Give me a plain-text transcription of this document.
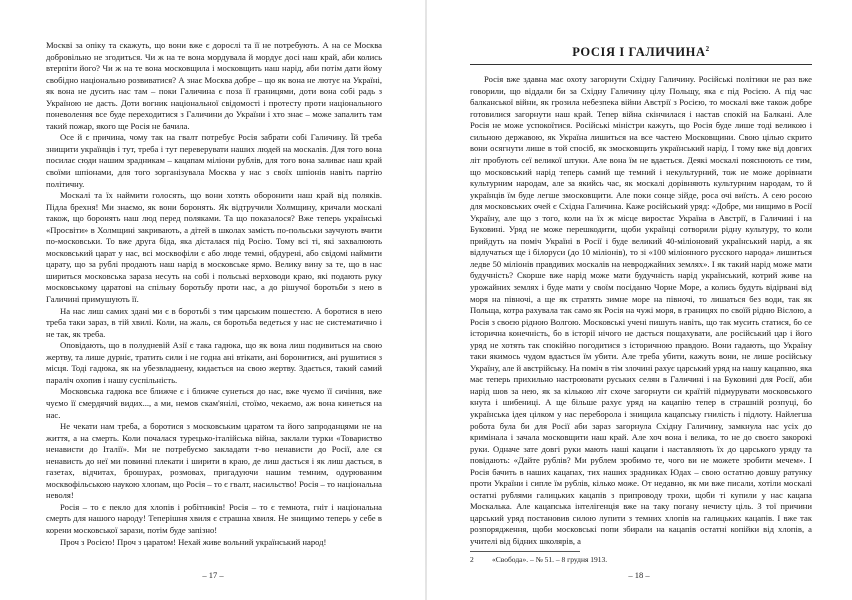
Москві за опіку та скажуть, що вони вже є дорослі та її не потребують. А на се Москва добровільно не згодиться. Чи ж на те вона мордувала й мордує досі наш край, аби колись втерпіти його? Чи ж на те вона московщила і московщить наш нарід, аби потім дати йому свобідно національно розвиватися? А знає Москва добре – що як вона не лютує на Україні, як вона не дусить нас там – поки Галичина є поза її границями, доти вона собі радь з Україною не дасть. Доти вогник національної свідомості і протесту проти національного поневолення все буде переходитися з Галичини до України і хто знає – може запалить там такий пожар, якого ще Росія не бачила.

Осе й є причина, чому так на гвалт потребує Росія забрати собі Галичину. Їй треба знищити українців і тут, треба і тут переверувати наших людей на москалів. Для того вона посилає сюди нашим зрадникам – кацапам міліони рублів, для того вона заливає наш край своїми шпіонами, для того зорганізувала Москва у нас з своїх шпіонів навіть партію політичну.

Москалі та їх наймити голосять, що вони хотять оборонити наш край від поляків. Підла брехня! Ми знаємо, як вони боронять. Як відтручили Холмщину, кричали москалі також, що боронять наш люд перед поляками. Та що показалося? Вже теперь українські «Просвіти» в Холмщині закривають, а дітей в школах замість по-польськи заучують вчити по-московськи. То вже друга біда, яка дісталася під Росію. Тому всі ті, які захвалюють московський царат у нас, всі москвофіли є або люде темні, обдурені, або свідомі наймити царату, що за рублі продають наш нарід в московське ярмо. Велику вину за те, що в нас шириться московська зараза несуть на собі і польські верховоди краю, які подають руку московському царатові на спільну боротьбу проти нас, а до рішучої боротьби з нею в Галичині примушують її.

На нас лиш самих здані ми є в боротьбі з тим царським пошестєю. А боротися в нею треба таки зараз, в тій хвилі. Коли, на жаль, ся боротьба ведеться у нас не систематично і не так, як треба.

Оповідають, що в полудневій Азії є така гадюка, що як вона лиш подивиться на свою жертву, та лише дурніє, тратить сили і не годна ані втікати, ані боронитися, ані рушитися з місця. Тоді гадюка, як на убезвладнену, кидається на свою жертву. Здається, такий самий параліч охопив і нашу суспільність.

Московська гадюка все ближче є і ближче сунеться до нас, вже чуємо її сичіння, вже чуємо її смердячий видих..., а ми, немов скам'янілі, стоїмо, чекаємо, аж вона кинеться на нас.

Не чекати нам треба, а боротися з московським царатом та його запроданцями не на життя, а на смерть. Коли почалася турецько-італійська війна, заклали турки «Товариство ненависти до Італії». Ми не потребуємо закладати т-во ненависти до Росії, але ся ненависть до неї ми повинні плекати і ширити в краю, де лиш дасться і як лиш дасться, в газетах, відчитах, брошурах, розмовах, пригадуючи нашим темним, одурюваним москвофільською наукою хлопам, що Росія – то є гвалт, насильство! Росія – то національна неволя!

Росія – то є пекло для хлопів і робітників! Росія – то є темнота, гніт і національна смерть для нашого народу! Теперішня хвиля є страшна хвиля. Не знищимо теперь у себе в корени московської зарази, потім буде запізно!

Проч з Росією! Проч з царатом! Нехай живе вольний український народ!

– 17 –
РОСІЯ І ГАЛИЧИНА$^2$

Росія вже здавна має охоту загорнути Східну Галичину. Російські політики не раз вже говорили, що віддали би за Східну Галичину цілу Польщу, яка є під Росією. А під час балканської війни, як грозила небезпека війни Австрії з Росією, то москалі вже також добре готовилися загорнути наш край. Тепер війна скінчилася і настав спокій на Балкані. Але Росія не може успокоїтися. Російські міністри кажуть, що Росія буде лише тоді великою і сильною державою, як Україна лишиться на все частею Московщини. Свою цілью скрито вони осягнути лише в той спосіб, як змосковщить український нарід. І тому вже від довгих літ пробують сеї великої штуки. Але вона їм не вдається. Деякі москалі пояснюють се тим, що московський нарід теперь самий ще темний і некультурний, тож не може дорівнати культурним народам, але за якийсь час, як москалі дорівняють культурним народам, то й українців їм буде легше змосковщити. Але поки сонце зійде, роса очі виїсть. А сею росою для московських очей є Східна Галичина. Каже російський уряд: «Добре, ми нищимо в Росії Україну, але що з того, коли на їх ж місце виростає Україна в Австрії, в Галичині і на Буковині. Уряд не може перешкодити, щоби українці сотворили рідну культуру, то коли прийдуть на поміч Україні в Росії і буде великий 40-міліоновий український нарід, а як відлучаться ще і білоруси (до 10 міліонів), то зі «100 міліонного русского народа» лишиться ледве 50 міліонів правдивих москалів на невроджайних землях». І як такий нарід може мати будучність? Скорше вже нарід може мати будучність нарід український, котрий живе на урожайних землях і буде мати у своїм посіданю Чорне Море, а колись будуть відірвані від моря на півночі, а ще як стратять зимне море на півночі, то лишаться без води, так як Польща, котра рахувала так само як Росія на чужі моря, в границях по своїй рідню Віслою, а Росія з своєю рідною Волгою. Московські учені пишуть навіть, що так мусить статися, бо се історична конечність, бо в історії нічого не дасться пощахувати, але російський цар і його уряд не хотять так спокійно погодитися з історичною правдою. Вони гадають, що Україну таки якимось чудом вдасться їм убити. Але треба убити, кажуть вони, не лише російську Україну, але й австрійську. На поміч в тім злочині рахує царський уряд на нашу кацапню, яка має теперь прихильно настроювати руських селян в Галичині і на Буковині для Росії, аби нарід шов за нею, як за кількою літ схоче загорнути си країтій підмурувати московського кнута і шибениці. А ще більше рахує уряд на кацапію тепер в страшній розпуці, бо українська ідея цілком у нас переборола і знищила кацапську гнилість і підлоту. Найлегша робота була би для Росії аби зараз загорнула Східну Галичину, замкнула нас усіх до кримінала і зачала московщити наш край. Але хоч вона і велика, то не до своєго закорокі руки. Одначе зате довгі руки мають наші кацапи і наставляють їх до царського уряду та повідають: «Дайте рублів? Ми рублем зробимо те, чого ви не можете зробити мечем». І Росія бачить в наших кацапах, тих наших зрадниках Юдах – свою остатню довшу ратунку проти України і сипле їм рублів, кілько може. От недавно, як ми вже писали, хотіли москалі остатні рублями галицьких кацапів з припроводу трохи, щоби ті купили у нас кацапа Москалька. Але кацапська інтелігенція вже на таку погану нечисту ціль. З тої причини царський уряд постановив силою лупити з темних хлопів на галицьких кацапів. І вже так розпорядження, щоби московські попи збирали на кацапів остатні копійки від хлопів, а учителі від бідних школярів, а

2 «Свобода». – № 51. – 8 грудня 1913.
– 18 –
